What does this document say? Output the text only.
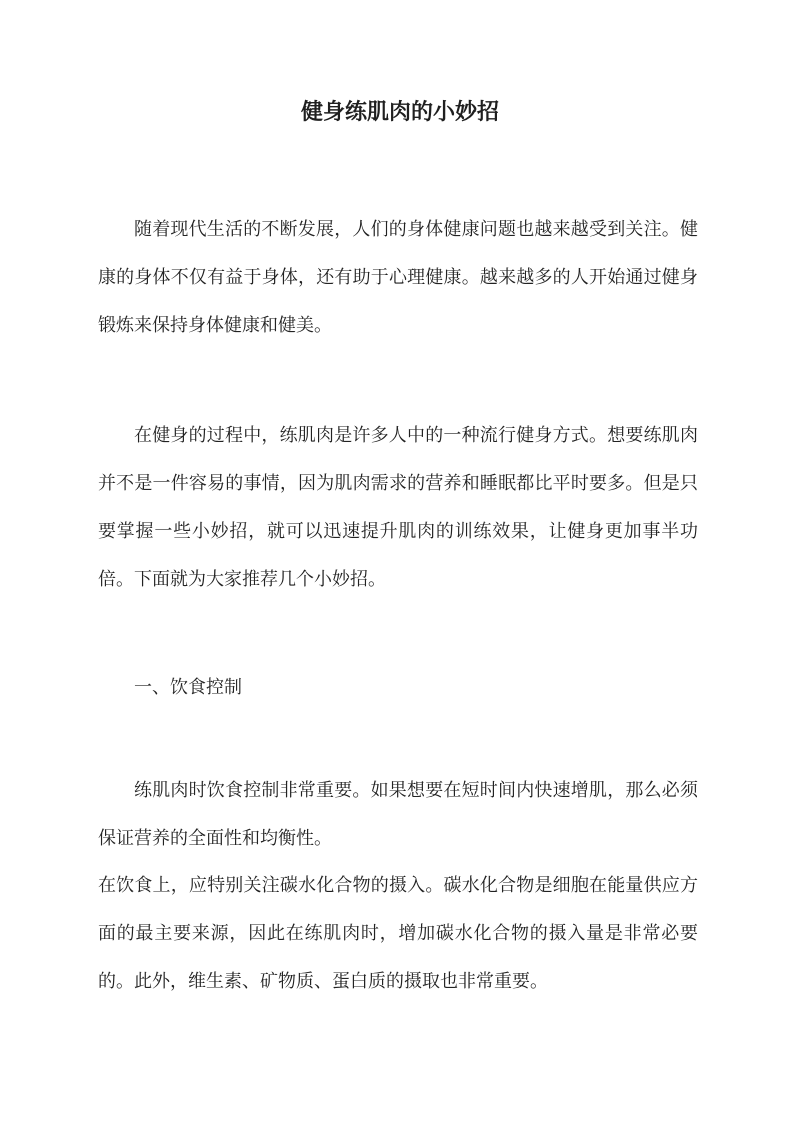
健身练肌肉的小妙招

随着现代生活的不断发展，人们的身体健康问题也越来越受到关注。健康的身体不仅有益于身体，还有助于心理健康。越来越多的人开始通过健身锻炼来保持身体健康和健美。

在健身的过程中，练肌肉是许多人中的一种流行健身方式。想要练肌肉并不是一件容易的事情，因为肌肉需求的营养和睡眠都比平时要多。但是只要掌握一些小妙招，就可以迅速提升肌肉的训练效果，让健身更加事半功倍。下面就为大家推荐几个小妙招。

一、饮食控制

练肌肉时饮食控制非常重要。如果想要在短时间内快速增肌，那么必须保证营养的全面性和均衡性。

在饮食上，应特别关注碳水化合物的摄入。碳水化合物是细胞在能量供应方面的最主要来源，因此在练肌肉时，增加碳水化合物的摄入量是非常必要的。此外，维生素、矿物质、蛋白质的摄取也非常重要。
